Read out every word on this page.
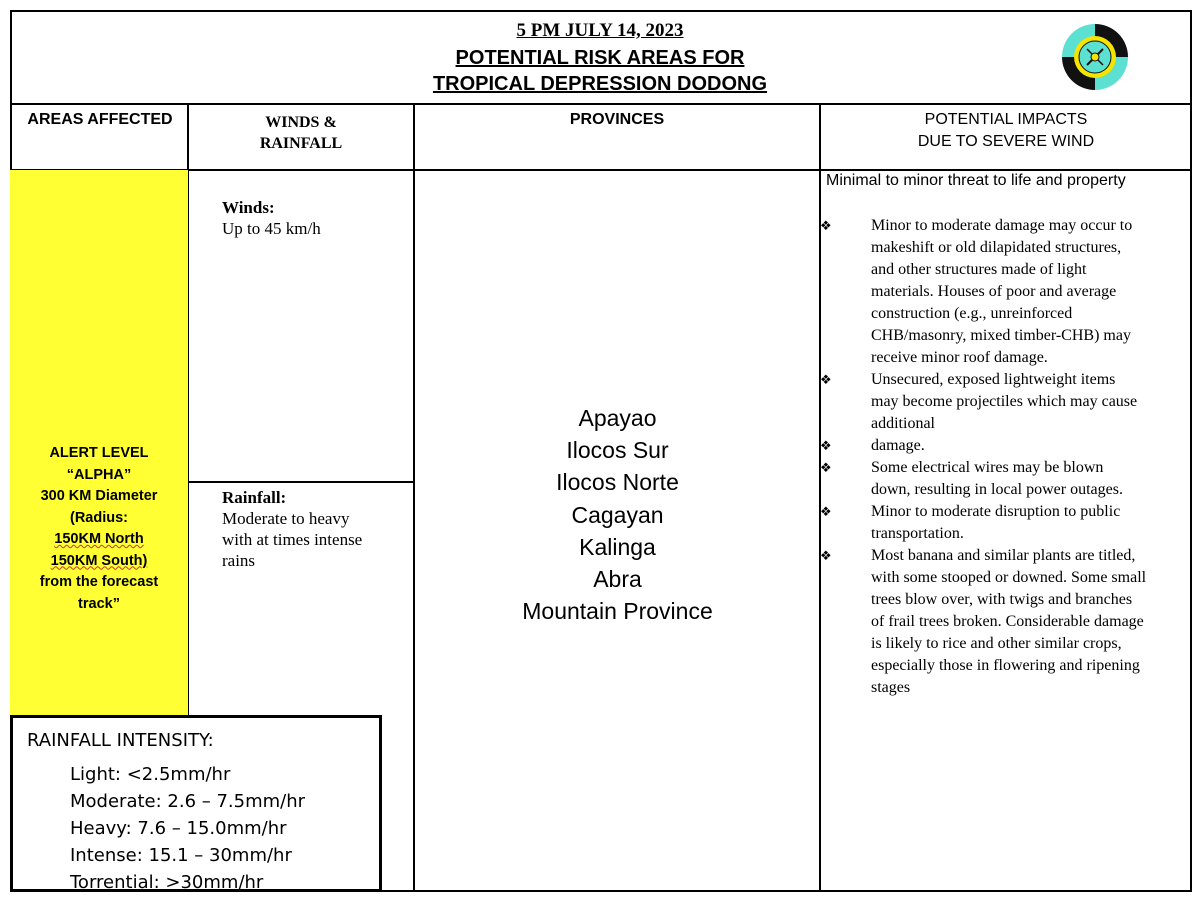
5 PM JULY 14, 2023
POTENTIAL RISK AREAS FOR
TROPICAL DEPRESSION DODONG
AREAS AFFECTED	WINDS &
RAINFALL
PROVINCES	POTENTIAL IMPACTS
DUE TO SEVERE WIND
ALERT LEVEL
“ALPHA”
300 KM Diameter
(Radius:
150KM North
150KM South)
from the forecast
track”
Winds:
Up to 45 km/h
Rainfall:
Moderate to heavy
with at times intense
rains
Apayao
Ilocos Sur
Ilocos Norte
Cagayan
Kalinga
Abra
Mountain Province
Minimal to minor threat to life and property
❖ Minor to moderate damage may occur to
makeshift or old dilapidated structures,
and other structures made of light
materials. Houses of poor and average
construction (e.g., unreinforced
CHB/masonry, mixed timber-CHB) may
receive minor roof damage.
❖ Unsecured, exposed lightweight items
may become projectiles which may cause
additional
❖ damage.
❖ Some electrical wires may be blown
down, resulting in local power outages.
❖ Minor to moderate disruption to public
transportation.
❖ Most banana and similar plants are titled,
with some stooped or downed. Some small
trees blow over, with twigs and branches
of frail trees broken. Considerable damage
is likely to rice and other similar crops,
especially those in flowering and ripening
stages
RAINFALL INTENSITY:
Light: <2.5mm/hr
Moderate: 2.6 – 7.5mm/hr
Heavy: 7.6 – 15.0mm/hr
Intense: 15.1 – 30mm/hr
Torrential: >30mm/hr
